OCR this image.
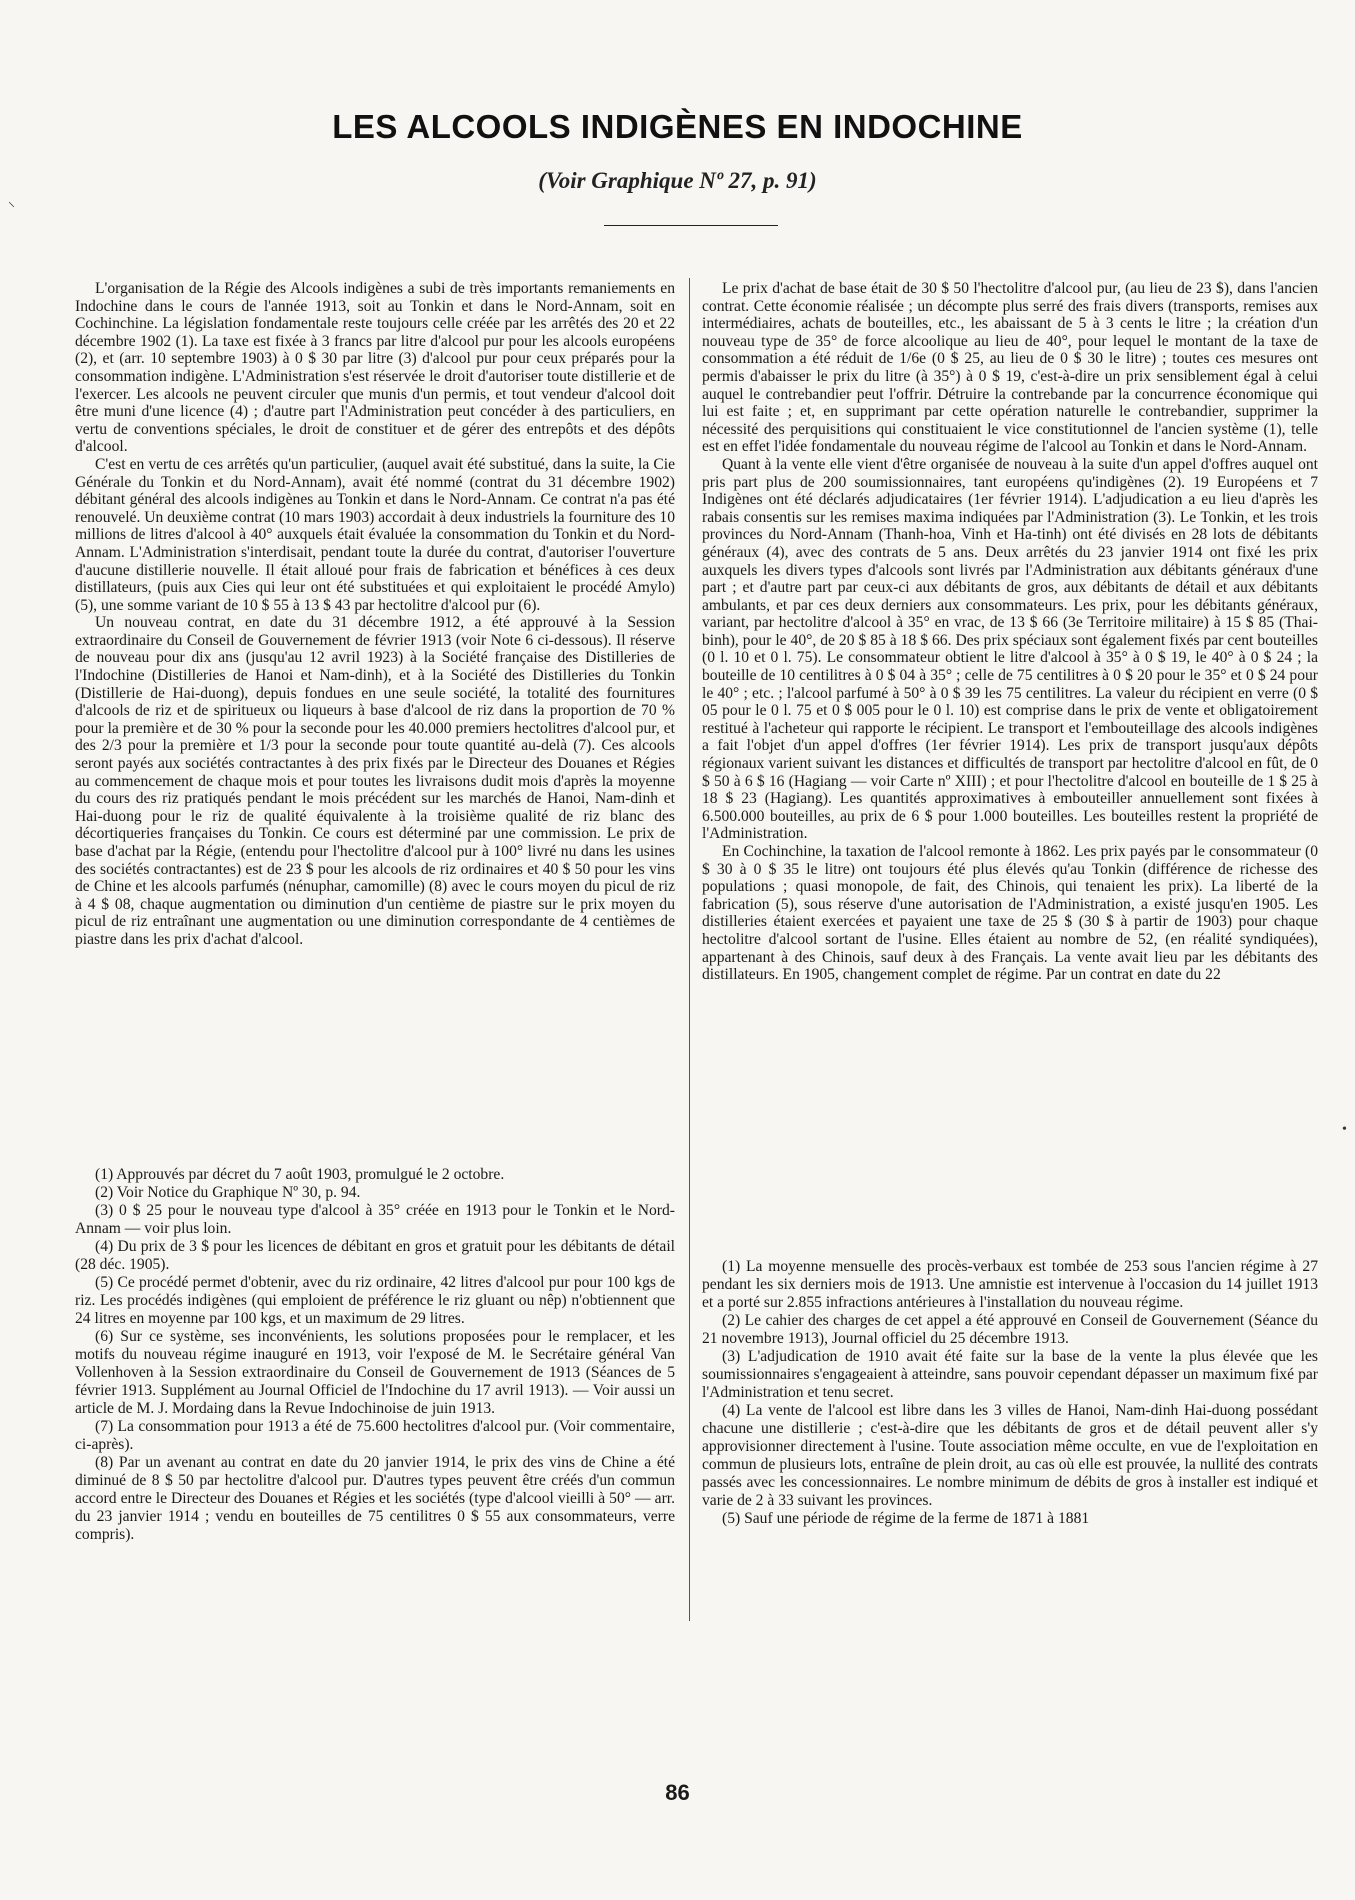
LES ALCOOLS INDIGÈNES EN INDOCHINE
(Voir Graphique Nº 27, p. 91)
⸜

L'organisation de la Régie des Alcools indigènes a subi de très importants remaniements en Indochine dans le cours de l'année 1913, soit au Tonkin et dans le Nord-Annam, soit en Cochinchine. La législation fondamentale reste toujours celle créée par les arrêtés des 20 et 22 décembre 1902 (1). La taxe est fixée à 3 francs par litre d'alcool pur pour les alcools européens (2), et (arr. 10 septembre 1903) à 0 $ 30 par litre (3) d'alcool pur pour ceux préparés pour la consommation indigène. L'Administration s'est réservée le droit d'autoriser toute distillerie et de l'exercer. Les alcools ne peuvent circuler que munis d'un permis, et tout vendeur d'alcool doit être muni d'une licence (4) ; d'autre part l'Administration peut concéder à des particuliers, en vertu de conventions spéciales, le droit de constituer et de gérer des entrepôts et des dépôts d'alcool.

C'est en vertu de ces arrêtés qu'un particulier, (auquel avait été substitué, dans la suite, la Cie Générale du Tonkin et du Nord-Annam), avait été nommé (contrat du 31 décembre 1902) débitant général des alcools indigènes au Tonkin et dans le Nord-Annam. Ce contrat n'a pas été renouvelé. Un deuxième contrat (10 mars 1903) accordait à deux industriels la fourniture des 10 millions de litres d'alcool à 40° auxquels était évaluée la consommation du Tonkin et du Nord-Annam. L'Administration s'interdisait, pendant toute la durée du contrat, d'autoriser l'ouverture d'aucune distillerie nouvelle. Il était alloué pour frais de fabrication et bénéfices à ces deux distillateurs, (puis aux Cies qui leur ont été substituées et qui exploitaient le procédé Amylo) (5), une somme variant de 10 $ 55 à 13 $ 43 par hectolitre d'alcool pur (6).

Un nouveau contrat, en date du 31 décembre 1912, a été approuvé à la Session extraordinaire du Conseil de Gouvernement de février 1913 (voir Note 6 ci-dessous). Il réserve de nouveau pour dix ans (jusqu'au 12 avril 1923) à la Société française des Distilleries de l'Indochine (Distilleries de Hanoi et Nam-dinh), et à la Société des Distilleries du Tonkin (Distillerie de Hai-duong), depuis fondues en une seule société, la totalité des fournitures d'alcools de riz et de spiritueux ou liqueurs à base d'alcool de riz dans la proportion de 70 % pour la première et de 30 % pour la seconde pour les 40.000 premiers hectolitres d'alcool pur, et des 2/3 pour la première et 1/3 pour la seconde pour toute quantité au-delà (7). Ces alcools seront payés aux sociétés contractantes à des prix fixés par le Directeur des Douanes et Régies au commencement de chaque mois et pour toutes les livraisons dudit mois d'après la moyenne du cours des riz pratiqués pendant le mois précédent sur les marchés de Hanoi, Nam-dinh et Hai-duong pour le riz de qualité équivalente à la troisième qualité de riz blanc des décortiqueries françaises du Tonkin. Ce cours est déterminé par une commission. Le prix de base d'achat par la Régie, (entendu pour l'hectolitre d'alcool pur à 100° livré nu dans les usines des sociétés contractantes) est de 23 $ pour les alcools de riz ordinaires et 40 $ 50 pour les vins de Chine et les alcools parfumés (nénuphar, camomille) (8) avec le cours moyen du picul de riz à 4 $ 08, chaque augmentation ou diminution d'un centième de piastre sur le prix moyen du picul de riz entraînant une augmentation ou une diminution correspondante de 4 centièmes de piastre dans les prix d'achat d'alcool.

Le prix d'achat de base était de 30 $ 50 l'hectolitre d'alcool pur, (au lieu de 23 $), dans l'ancien contrat. Cette économie réalisée ; un décompte plus serré des frais divers (transports, remises aux intermédiaires, achats de bouteilles, etc., les abaissant de 5 à 3 cents le litre ; la création d'un nouveau type de 35° de force alcoolique au lieu de 40°, pour lequel le montant de la taxe de consommation a été réduit de 1/6e (0 $ 25, au lieu de 0 $ 30 le litre) ; toutes ces mesures ont permis d'abaisser le prix du litre (à 35°) à 0 $ 19, c'est-à-dire un prix sensiblement égal à celui auquel le contrebandier peut l'offrir. Détruire la contrebande par la concurrence économique qui lui est faite ; et, en supprimant par cette opération naturelle le contrebandier, supprimer la nécessité des perquisitions qui constituaient le vice constitutionnel de l'ancien système (1), telle est en effet l'idée fondamentale du nouveau régime de l'alcool au Tonkin et dans le Nord-Annam.

Quant à la vente elle vient d'être organisée de nouveau à la suite d'un appel d'offres auquel ont pris part plus de 200 soumissionnaires, tant européens qu'indigènes (2). 19 Européens et 7 Indigènes ont été déclarés adjudicataires (1er février 1914). L'adjudication a eu lieu d'après les rabais consentis sur les remises maxima indiquées par l'Administration (3). Le Tonkin, et les trois provinces du Nord-Annam (Thanh-hoa, Vinh et Ha-tinh) ont été divisés en 28 lots de débitants généraux (4), avec des contrats de 5 ans. Deux arrêtés du 23 janvier 1914 ont fixé les prix auxquels les divers types d'alcools sont livrés par l'Administration aux débitants généraux d'une part ; et d'autre part par ceux-ci aux débitants de gros, aux débitants de détail et aux débitants ambulants, et par ces deux derniers aux consommateurs. Les prix, pour les débitants généraux, variant, par hectolitre d'alcool à 35° en vrac, de 13 $ 66 (3e Territoire militaire) à 15 $ 85 (Thai-binh), pour le 40°, de 20 $ 85 à 18 $ 66. Des prix spéciaux sont également fixés par cent bouteilles (0 l. 10 et 0 l. 75). Le consommateur obtient le litre d'alcool à 35° à 0 $ 19, le 40° à 0 $ 24 ; la bouteille de 10 centilitres à 0 $ 04 à 35° ; celle de 75 centilitres à 0 $ 20 pour le 35° et 0 $ 24 pour le 40° ; etc. ; l'alcool parfumé à 50° à 0 $ 39 les 75 centilitres. La valeur du récipient en verre (0 $ 05 pour le 0 l. 75 et 0 $ 005 pour le 0 l. 10) est comprise dans le prix de vente et obligatoirement restitué à l'acheteur qui rapporte le récipient. Le transport et l'embouteillage des alcools indigènes a fait l'objet d'un appel d'offres (1er février 1914). Les prix de transport jusqu'aux dépôts régionaux varient suivant les distances et difficultés de transport par hectolitre d'alcool en fût, de 0 $ 50 à 6 $ 16 (Hagiang — voir Carte nº XIII) ; et pour l'hectolitre d'alcool en bouteille de 1 $ 25 à 18 $ 23 (Hagiang). Les quantités approximatives à embouteiller annuellement sont fixées à 6.500.000 bouteilles, au prix de 6 $ pour 1.000 bouteilles. Les bouteilles restent la propriété de l'Administration.

En Cochinchine, la taxation de l'alcool remonte à 1862. Les prix payés par le consommateur (0 $ 30 à 0 $ 35 le litre) ont toujours été plus élevés qu'au Tonkin (différence de richesse des populations ; quasi monopole, de fait, des Chinois, qui tenaient les prix). La liberté de la fabrication (5), sous réserve d'une autorisation de l'Administration, a existé jusqu'en 1905. Les distilleries étaient exercées et payaient une taxe de 25 $ (30 $ à partir de 1903) pour chaque hectolitre d'alcool sortant de l'usine. Elles étaient au nombre de 52, (en réalité syndiquées), appartenant à des Chinois, sauf deux à des Français. La vente avait lieu par les débitants des distillateurs. En 1905, changement complet de régime. Par un contrat en date du 22

(1) Approuvés par décret du 7 août 1903, promulgué le 2 octobre.

(2) Voir Notice du Graphique Nº 30, p. 94.

(3) 0 $ 25 pour le nouveau type d'alcool à 35° créée en 1913 pour le Tonkin et le Nord-Annam — voir plus loin.

(4) Du prix de 3 $ pour les licences de débitant en gros et gratuit pour les débitants de détail (28 déc. 1905).

(5) Ce procédé permet d'obtenir, avec du riz ordinaire, 42 litres d'alcool pur pour 100 kgs de riz. Les procédés indigènes (qui emploient de préférence le riz gluant ou nêp) n'obtiennent que 24 litres en moyenne par 100 kgs, et un maximum de 29 litres.

(6) Sur ce système, ses inconvénients, les solutions proposées pour le remplacer, et les motifs du nouveau régime inauguré en 1913, voir l'exposé de M. le Secrétaire général Van Vollenhoven à la Session extraordinaire du Conseil de Gouvernement de 1913 (Séances de 5 février 1913. Supplément au Journal Officiel de l'Indochine du 17 avril 1913). — Voir aussi un article de M. J. Mordaing dans la Revue Indochinoise de juin 1913.

(7) La consommation pour 1913 a été de 75.600 hectolitres d'alcool pur. (Voir commentaire, ci-après).

(8) Par un avenant au contrat en date du 20 janvier 1914, le prix des vins de Chine a été diminué de 8 $ 50 par hectolitre d'alcool pur. D'autres types peuvent être créés d'un commun accord entre le Directeur des Douanes et Régies et les sociétés (type d'alcool vieilli à 50° — arr. du 23 janvier 1914 ; vendu en bouteilles de 75 centilitres 0 $ 55 aux consommateurs, verre compris).

(1) La moyenne mensuelle des procès-verbaux est tombée de 253 sous l'ancien régime à 27 pendant les six derniers mois de 1913. Une amnistie est intervenue à l'occasion du 14 juillet 1913 et a porté sur 2.855 infractions antérieures à l'installation du nouveau régime.

(2) Le cahier des charges de cet appel a été approuvé en Conseil de Gouvernement (Séance du 21 novembre 1913), Journal officiel du 25 décembre 1913.

(3) L'adjudication de 1910 avait été faite sur la base de la vente la plus élevée que les soumissionnaires s'engageaient à atteindre, sans pouvoir cependant dépasser un maximum fixé par l'Administration et tenu secret.

(4) La vente de l'alcool est libre dans les 3 villes de Hanoi, Nam-dinh Hai-duong possédant chacune une distillerie ; c'est-à-dire que les débitants de gros et de détail peuvent aller s'y approvisionner directement à l'usine. Toute association même occulte, en vue de l'exploitation en commun de plusieurs lots, entraîne de plein droit, au cas où elle est prouvée, la nullité des contrats passés avec les concessionnaires. Le nombre minimum de débits de gros à installer est indiqué et varie de 2 à 33 suivant les provinces.

(5) Sauf une période de régime de la ferme de 1871 à 1881

•
86
